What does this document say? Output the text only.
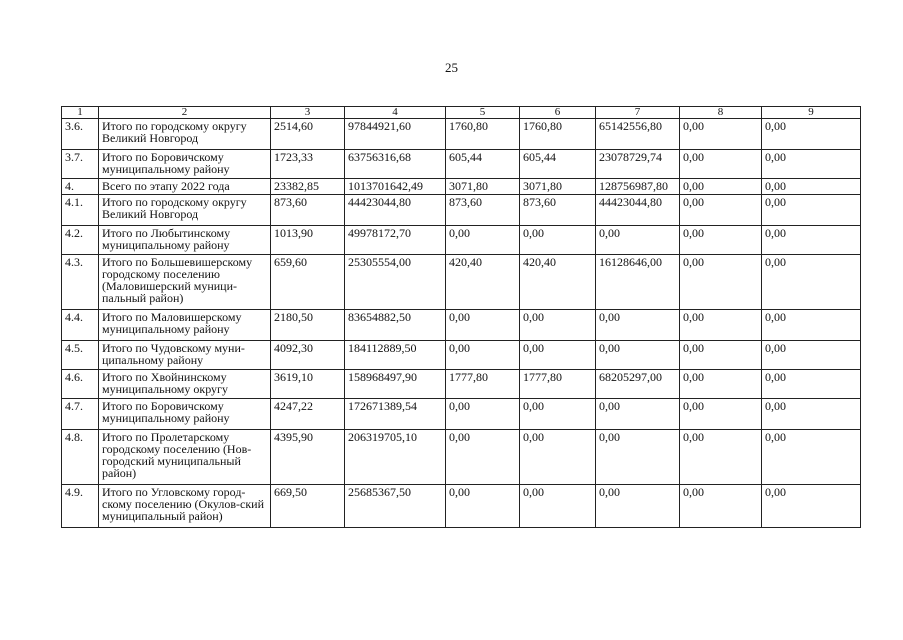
25
1	2	3	4	5	6	7	8	9
3.6.	Итого по городскому округу Великий Новгород	2514,60	97844921,60	1760,80	1760,80	65142556,80	0,00	0,00
3.7.	Итого по Боровичскому муниципальному району	1723,33	63756316,68	605,44	605,44	23078729,74	0,00	0,00
4.	Всего по этапу 2022 года	23382,85	1013701642,49	3071,80	3071,80	128756987,80	0,00	0,00
4.1.	Итого по городскому округу Великий Новгород	873,60	44423044,80	873,60	873,60	44423044,80	0,00	0,00
4.2.	Итого по Любытинскому муниципальному району	1013,90	49978172,70	0,00	0,00	0,00	0,00	0,00
4.3.	Итого по Большевишерскому городскому поселению (Маловишерский муници-пальный район)	659,60	25305554,00	420,40	420,40	16128646,00	0,00	0,00
4.4.	Итого по Маловишерскому муниципальному району	2180,50	83654882,50	0,00	0,00	0,00	0,00	0,00
4.5.	Итого по Чудовскому муни-ципальному району	4092,30	184112889,50	0,00	0,00	0,00	0,00	0,00
4.6.	Итого по Хвойнинскому муниципальному округу	3619,10	158968497,90	1777,80	1777,80	68205297,00	0,00	0,00
4.7.	Итого по Боровичскому муниципальному району	4247,22	172671389,54	0,00	0,00	0,00	0,00	0,00
4.8.	Итого по Пролетарскому городскому поселению (Нов-городский муниципальный район)	4395,90	206319705,10	0,00	0,00	0,00	0,00	0,00
4.9.	Итого по Угловскому город-скому поселению (Окулов-ский муниципальный район)	669,50	25685367,50	0,00	0,00	0,00	0,00	0,00
